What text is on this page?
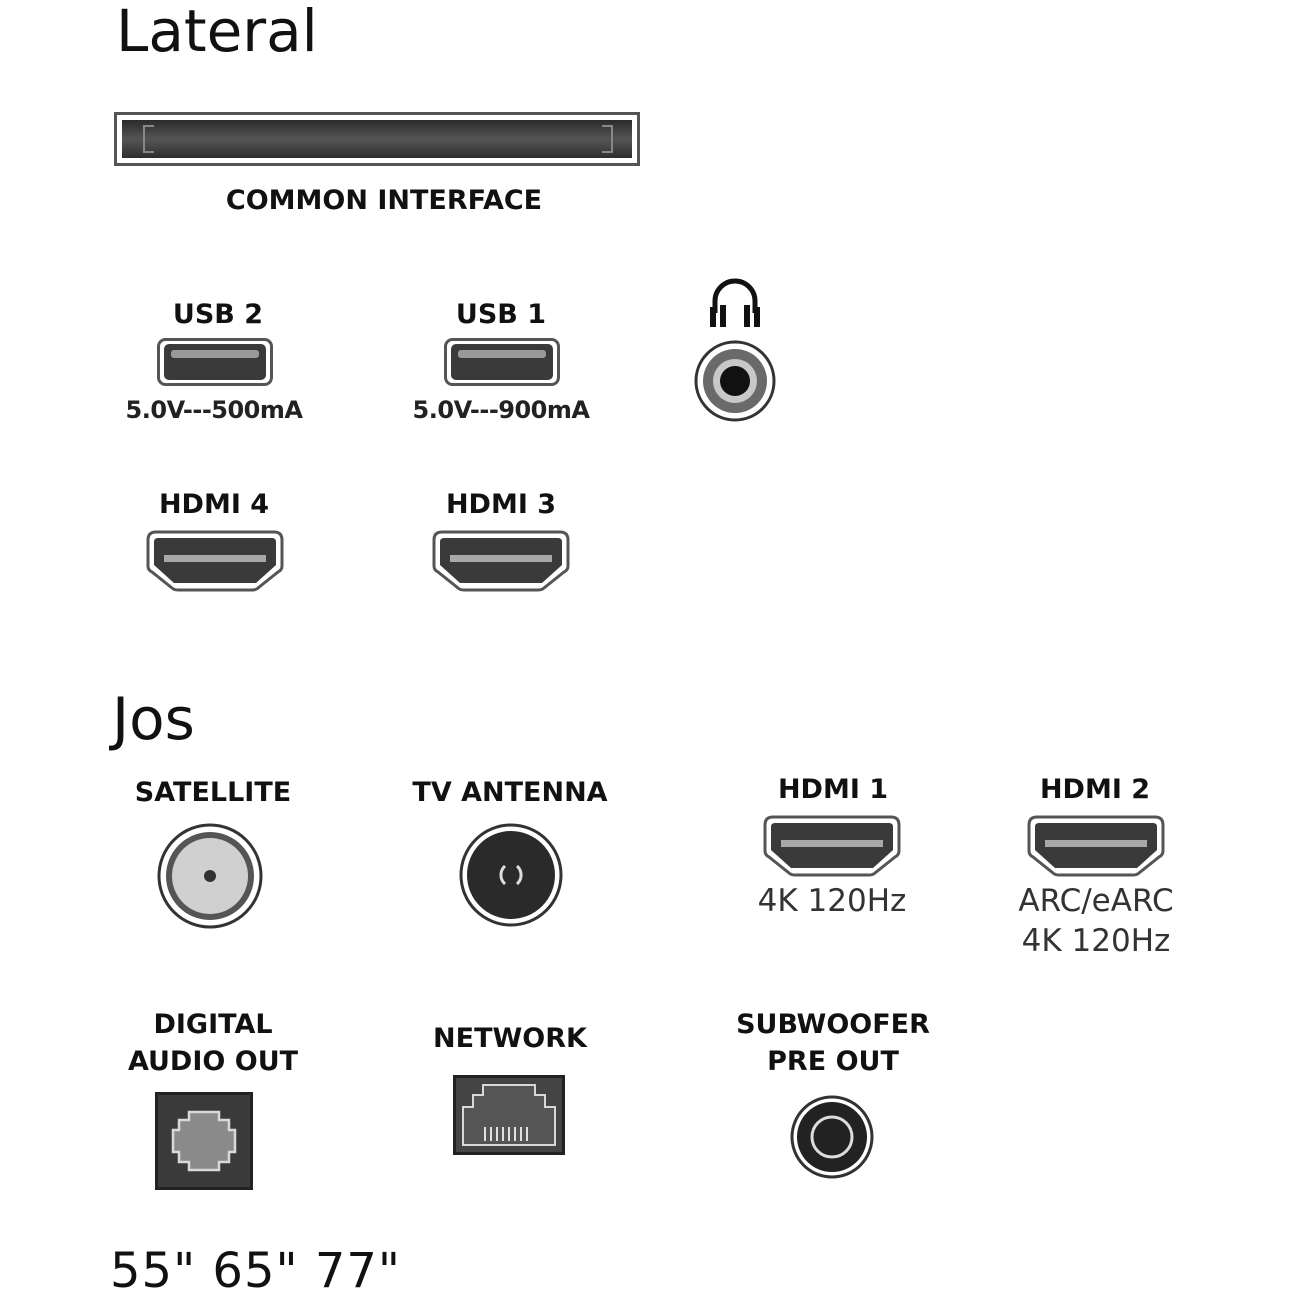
Lateral
COMMON INTERFACE
USB 2
5.0V---500mA
USB 1
5.0V---900mA
HDMI 4	HDMI 3
Jos
SATELLITE	TV ANTENNA	HDMI 1
4K 120Hz
HDMI 2
ARC/eARC
4K 120Hz
DIGITAL
AUDIO OUT
NETWORK	SUBWOOFER
PRE OUT
55" 65" 77"
